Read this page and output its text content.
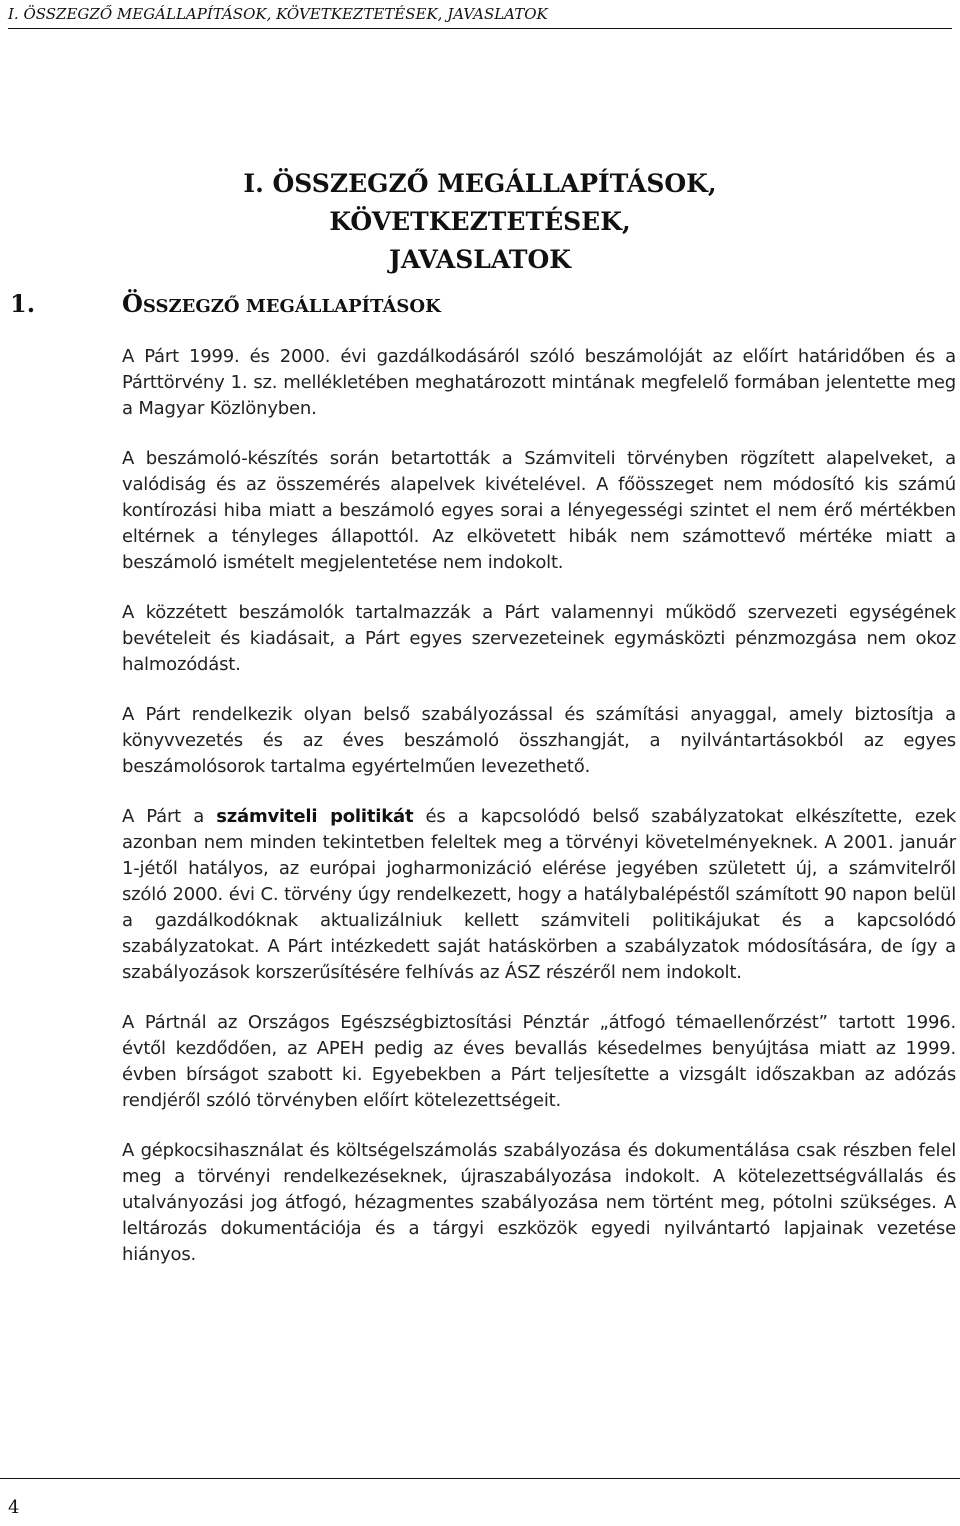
I. ÖSSZEGZŐ MEGÁLLAPÍTÁSOK, KÖVETKEZTETÉSEK, JAVASLATOK
I. ÖSSZEGZŐ MEGÁLLAPÍTÁSOK, KÖVETKEZTETÉSEK,
JAVASLATOK
1.	ÖSSZEGZŐ MEGÁLLAPÍTÁSOK

A Párt 1999. és 2000. évi gazdálkodásáról szóló beszámolóját az előírt határidőben és a Párttörvény 1. sz. mellékletében meghatározott mintának megfelelő formában jelentette meg a Magyar Közlönyben.

A beszámoló-készítés során betartották a Számviteli törvényben rögzített alapelveket, a valódiság és az összemérés alapelvek kivételével. A főösszeget nem módosító kis számú kontírozási hiba miatt a beszámoló egyes sorai a lényegességi szintet el nem érő mértékben eltérnek a tényleges állapottól. Az elkövetett hibák nem számottevő mértéke miatt a beszámoló ismételt megjelentetése nem indokolt.

A közzétett beszámolók tartalmazzák a Párt valamennyi működő szervezeti egységének bevételeit és kiadásait, a Párt egyes szervezeteinek egymásközti pénzmozgása nem okoz halmozódást.

A Párt rendelkezik olyan belső szabályozással és számítási anyaggal, amely biztosítja a könyvvezetés és az éves beszámoló összhangját, a nyilvántartásokból az egyes beszámolósorok tartalma egyértelműen levezethető.

A Párt a számviteli politikát és a kapcsolódó belső szabályzatokat elkészítette, ezek azonban nem minden tekintetben feleltek meg a törvényi követelményeknek. A 2001. január 1-jétől hatályos, az európai jogharmonizáció elérése jegyében született új, a számvitelről szóló 2000. évi C. törvény úgy rendelkezett, hogy a hatálybalépéstől számított 90 napon belül a gazdálkodóknak aktualizálniuk kellett számviteli politikájukat és a kapcsolódó szabályzatokat. A Párt intézkedett saját hatáskörben a szabályzatok módosítására, de így a szabályozások korszerűsítésére felhívás az ÁSZ részéről nem indokolt.

A Pártnál az Országos Egészségbiztosítási Pénztár „átfogó témaellenőrzést” tartott 1996. évtől kezdődően, az APEH pedig az éves bevallás késedelmes benyújtása miatt az 1999. évben bírságot szabott ki. Egyebekben a Párt teljesítette a vizsgált időszakban az adózás rendjéről szóló törvényben előírt kötelezettségeit.

A gépkocsihasználat és költségelszámolás szabályozása és dokumentálása csak részben felel meg a törvényi rendelkezéseknek, újraszabályozása indokolt. A kötelezettségvállalás és utalványozási jog átfogó, hézagmentes szabályozása nem történt meg, pótolni szükséges. A leltározás dokumentációja és a tárgyi eszközök egyedi nyilvántartó lapjainak vezetése hiányos.

4
